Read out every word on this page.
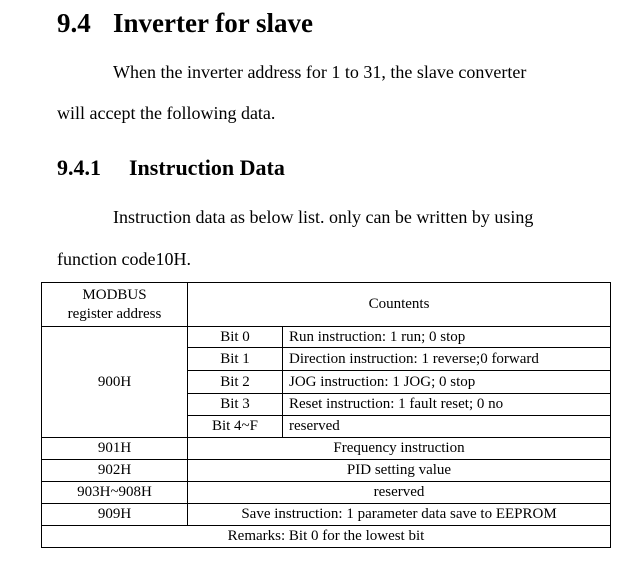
9.4 Inverter for slave
When the inverter address for 1 to 31, the slave converter
will accept the following data.
9.4.1 Instruction Data
Instruction data as below list. only can be written by using
function code10H.
MODBUS
register address	Countents	
900H	Bit 0	Run instruction: 1 run; 0 stop
	Bit 1	Direction instruction: 1 reverse;0 forward
	Bit 2	JOG instruction: 1 JOG; 0 stop
	Bit 3	Reset instruction: 1 fault reset; 0 no
	Bit 4~F	reserved
901H	Frequency instruction	
902H	PID setting value	
903H~908H	reserved	
909H	Save instruction: 1 parameter data save to EEPROM	
Remarks: Bit 0 for the lowest bit		
